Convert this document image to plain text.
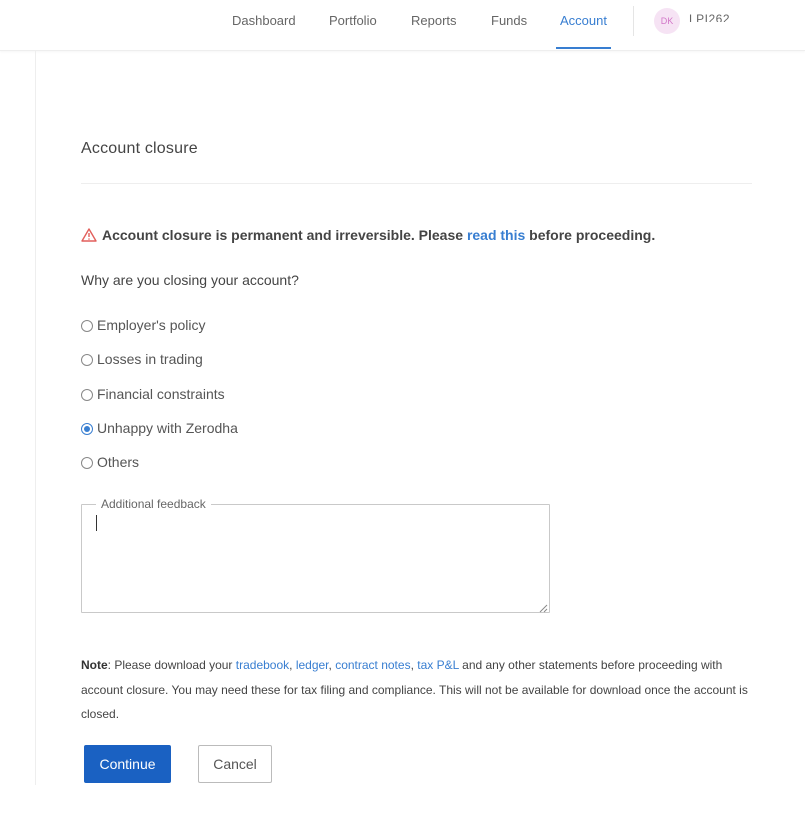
Dashboard	Portfolio	Reports	Funds	Account	DK	LPI262
Account closure
Account closure is permanent and irreversible. Please read this before proceeding.
Why are you closing your account?
Employer's policy
Losses in trading
Financial constraints
Unhappy with Zerodha
Others
Additional feedback

Note: Please download your tradebook, ledger, contract notes, tax P&L and any other statements before proceeding with account closure. You may need these for tax filing and compliance. This will not be available for download once the account is closed.

Continue	Cancel
